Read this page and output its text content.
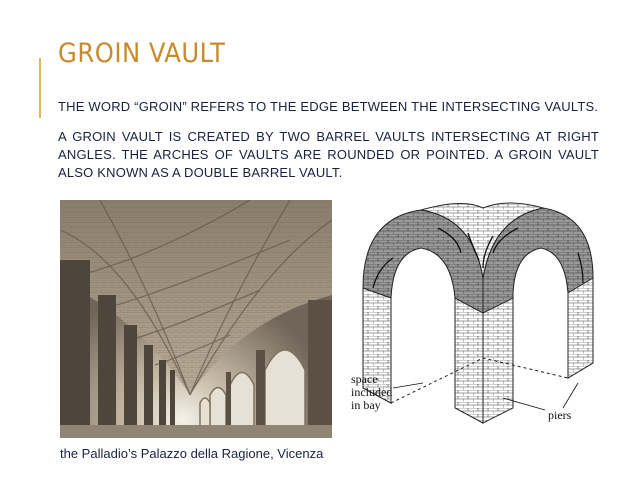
GROIN VAULT
THE WORD “GROIN” REFERS TO THE EDGE BETWEEN THE INTERSECTING VAULTS.
A GROIN VAULT IS CREATED BY TWO BARREL VAULTS INTERSECTING AT RIGHT ANGLES. THE ARCHES OF VAULTS ARE ROUNDED OR POINTED. A GROIN VAULT ALSO KNOWN AS A DOUBLE BARREL VAULT.
space
included
in bay
piers
the Palladio’s Palazzo della Ragione, Vicenza
